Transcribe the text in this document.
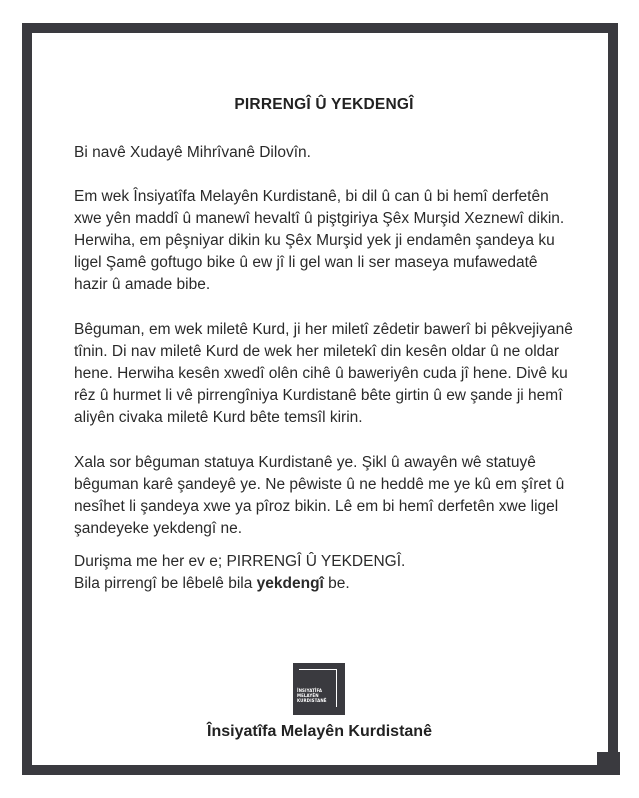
PIRRENGÎ Û YEKDENGÎ

Bi navê Xudayê Mihrîvanê Dilovîn.

Em wek Însiyatîfa Melayên Kurdistanê, bi dil û can û bi hemî derfetên xwe yên maddî û manewî hevaltî û piştgiriya Şêx Murşid Xeznewî dikin. Herwiha, em pêşniyar dikin ku Şêx Murşid yek ji endamên şandeya ku ligel Şamê goftugo bike û ew jî li gel wan li ser maseya mufawedatê hazir û amade bibe.

Bêguman, em wek miletê Kurd, ji her miletî zêdetir bawerî bi pêkvejiyanê tînin. Di nav miletê Kurd de wek her miletekî din kesên oldar û ne oldar hene. Herwiha kesên xwedî olên cihê û baweriyên cuda jî hene. Divê ku rêz û hurmet li vê pirrengîniya Kurdistanê bête girtin û ew şande ji hemî aliyên civaka miletê Kurd bête temsîl kirin.

Xala sor bêguman statuya Kurdistanê ye. Şikl û awayên wê statuyê bêguman karê şandeyê ye. Ne pêwiste û ne heddê me ye kû em şîret û nesîhet li şandeya xwe ya pîroz bikin. Lê em bi hemî derfetên xwe ligel şandeyeke yekdengî ne.

Durişma me her ev e; PIRRENGÎ Û YEKDENGÎ.

Bila pirrengî be lêbelê bila yekdengî be.

ÎNSIYATÎFA
MELAYÊN
KURDISTANÊ
Însiyatîfa Melayên Kurdistanê
